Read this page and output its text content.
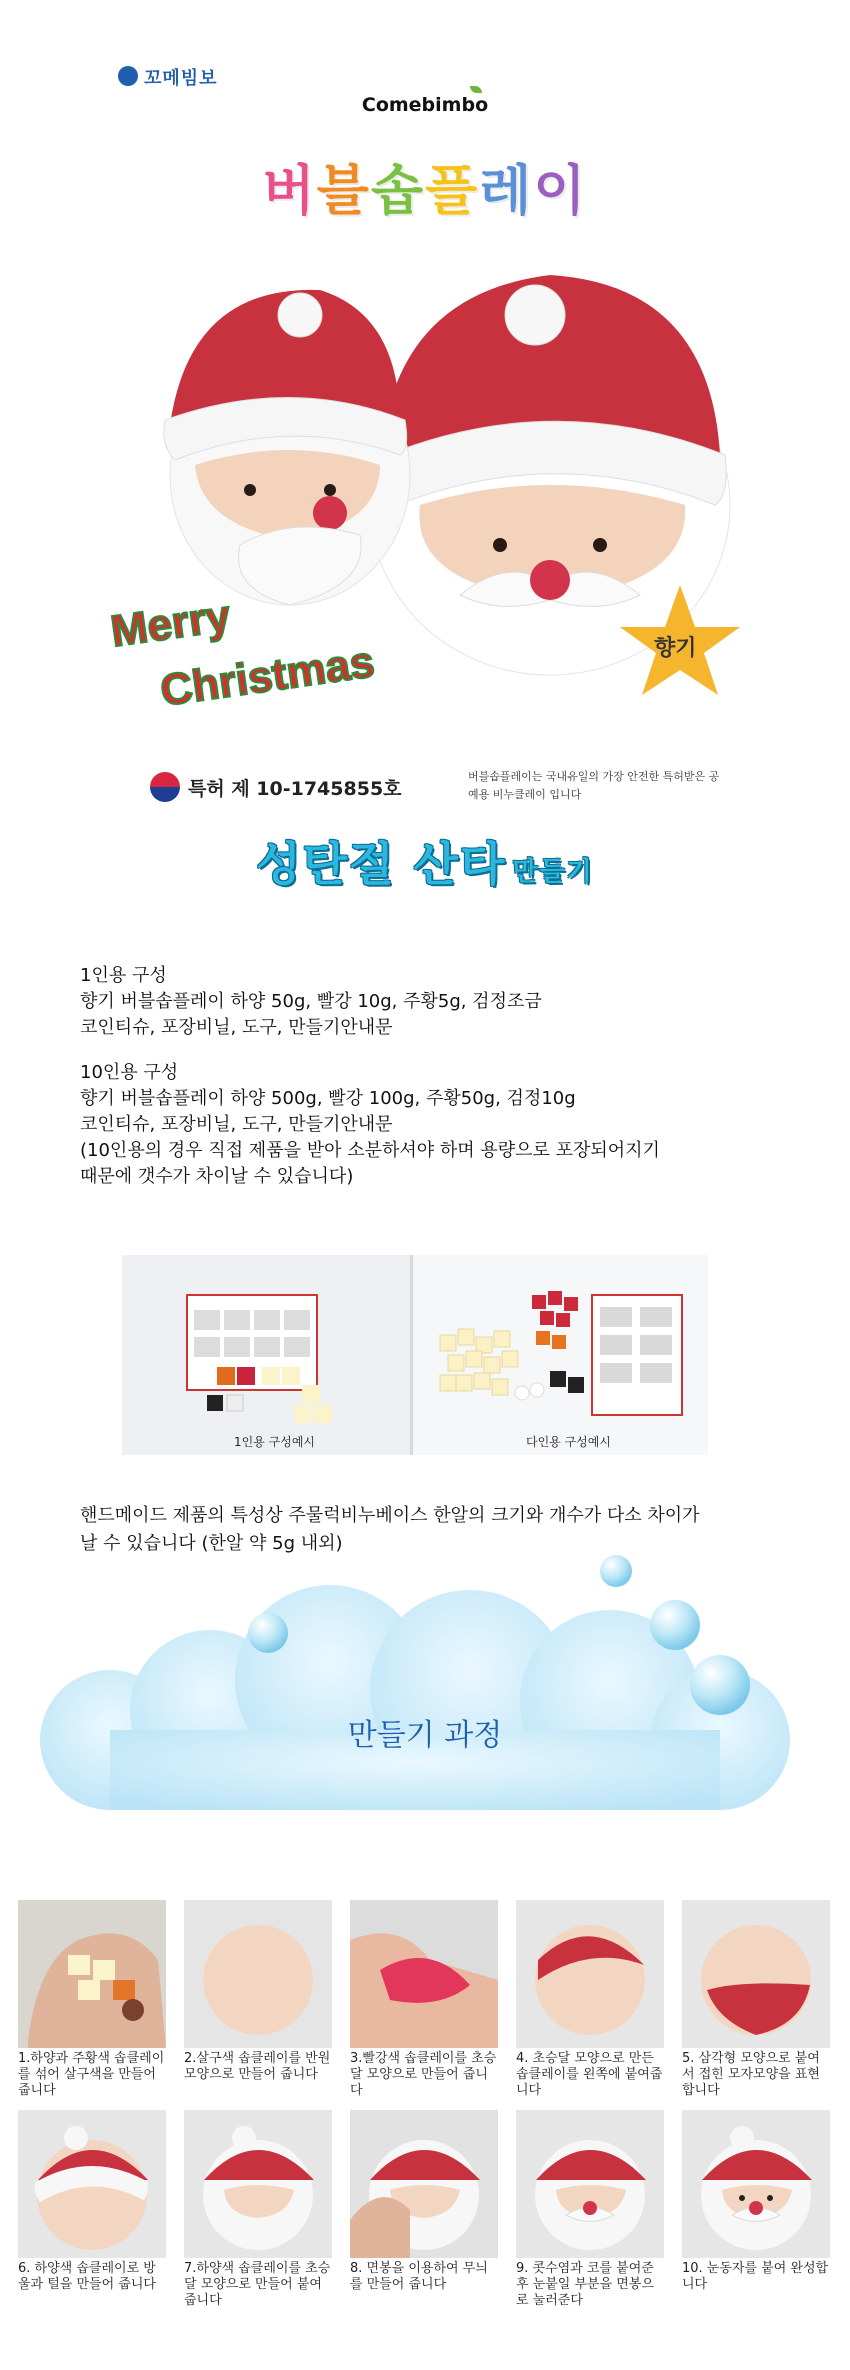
꼬메빔보
Comebimbo
버블솝플레이
Merry
Christmas	향기
특허 제 10-1745855호
버블솝플레이는 국내유일의 가장 안전한 특허받은 공예용 비누클레이 입니다
성탄절 산타 만들기

1인용 구성

향기 버블솝플레이 하양 50g, 빨강 10g, 주황5g, 검정조금

코인티슈, 포장비닐, 도구, 만들기안내문

10인용 구성

향기 버블솝플레이 하양 500g, 빨강 100g, 주황50g, 검정10g

코인티슈, 포장비닐, 도구, 만들기안내문

(10인용의 경우 직접 제품을 받아 소분하셔야 하며 용량으로 포장되어지기

때문에 갯수가 차이날 수 있습니다)

1인용 구성예시	다인용 구성예시
핸드메이드 제품의 특성상 주물럭비누베이스 한알의 크기와 개수가 다소 차이가
날 수 있습니다 (한알 약 5g 내외)
만들기 과정
1.하양과 주황색 솝클레이를 섞어 살구색을 만들어 줍니다
2.살구색 솝클레이를 반원모양으로 만들어 줍니다
3.빨강색 솝클레이를 초승달 모양으로 만들어 줍니다
4. 초승달 모양으로 만든 솝클레이를 왼쪽에 붙여줍니다
5. 삼각형 모양으로 붙여서 접힌 모자모양을 표현합니다
6. 하양색 솝클레이로 방울과 털을 만들어 줍니다
7.하양색 솝클레이를 초승달 모양으로 만들어 붙여 줍니다
8. 면봉을 이용하여 무늬를 만들어 줍니다
9. 콧수염과 코를 붙여준 후 눈붙일 부분을 면봉으로 눌러준다
10. 눈동자를 붙여 완성합니다
